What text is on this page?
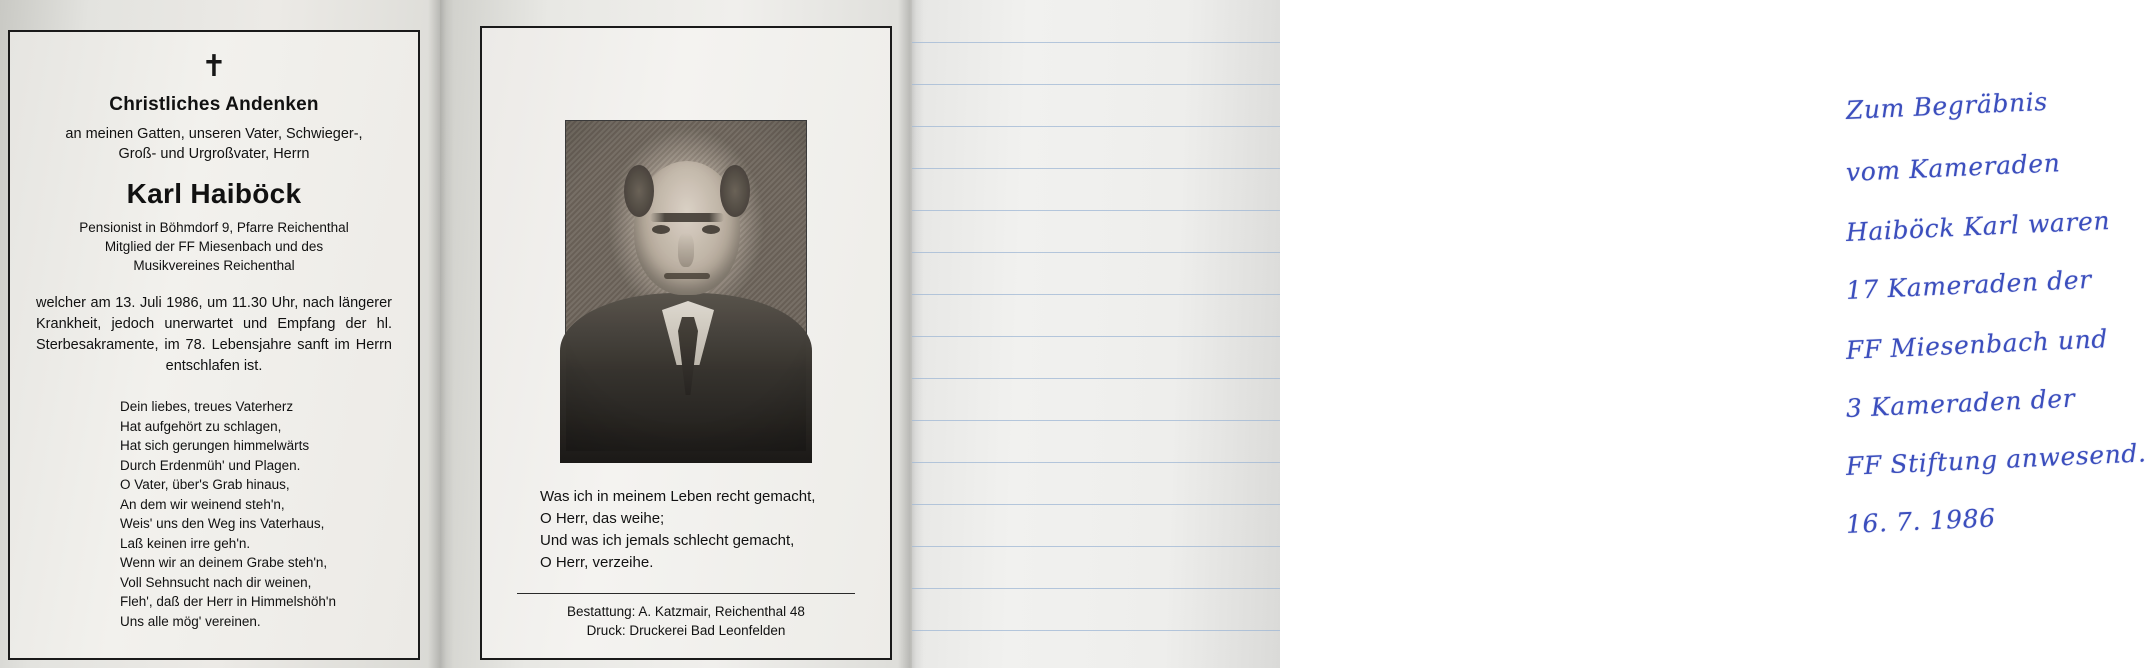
✝
Christliches Andenken
an meinen Gatten, unseren Vater, Schwieger-,
Groß- und Urgroßvater, Herrn
Karl Haiböck
Pensionist in Böhmdorf 9, Pfarre Reichenthal
Mitglied der FF Miesenbach und des
Musikvereines Reichenthal
welcher am 13. Juli 1986, um 11.30 Uhr, nach längerer Krankheit, jedoch unerwartet und Empfang der hl. Sterbesakramente, im 78. Lebensjahre sanft im Herrn entschlafen ist.
Dein liebes, treues Vaterherz
Hat aufgehört zu schlagen,
Hat sich gerungen himmelwärts
Durch Erdenmüh' und Plagen.
O Vater, über's Grab hinaus,
An dem wir weinend steh'n,
Weis' uns den Weg ins Vaterhaus,
Laß keinen irre geh'n.
Wenn wir an deinem Grabe steh'n,
Voll Sehnsucht nach dir weinen,
Fleh', daß der Herr in Himmelshöh'n
Uns alle mög' vereinen.
Was ich in meinem Leben recht gemacht,
O Herr, das weihe;
Und was ich jemals schlecht gemacht,
O Herr, verzeihe.
Bestattung: A. Katzmair, Reichenthal 48
Druck: Druckerei Bad Leonfelden
Zum Begräbnis
vom Kameraden
Haiböck Karl waren
17 Kameraden der
FF Miesenbach und
3 Kameraden der
FF Stiftung anwesend.
16. 7. 1986
